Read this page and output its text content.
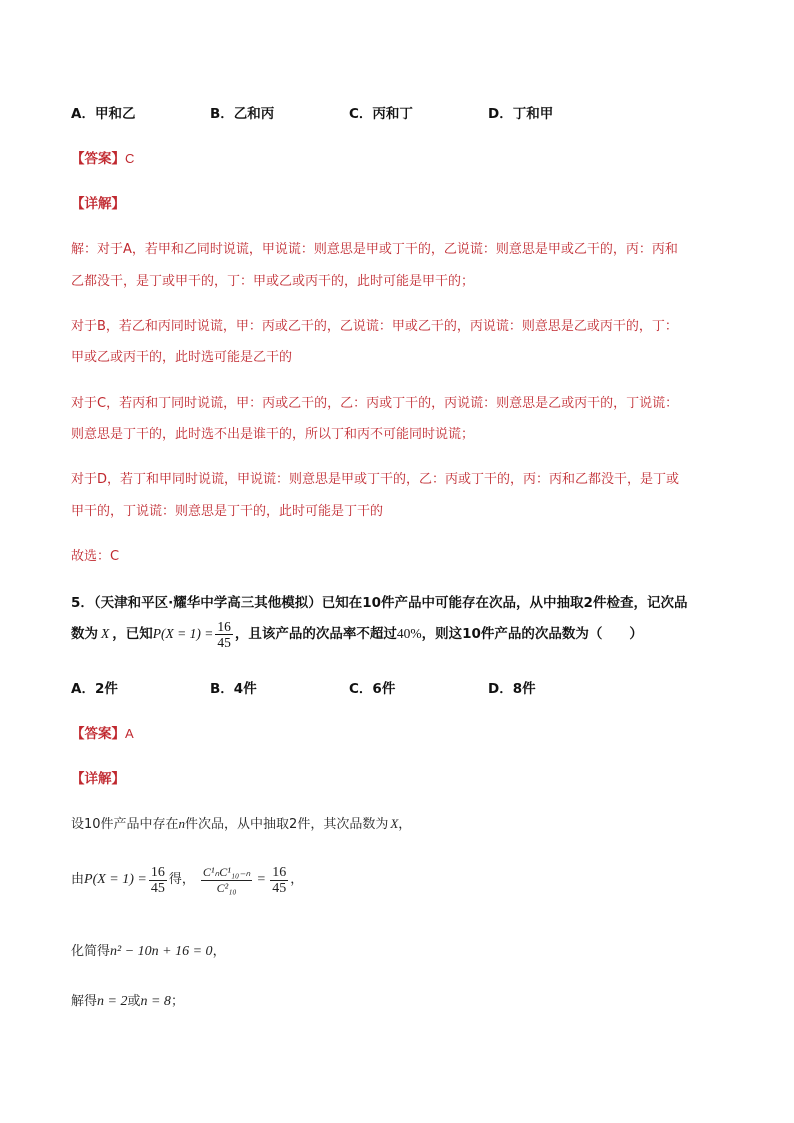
A．甲和乙	B．乙和丙	C．丙和丁	D．丁和甲
【答案】C
【详解】
解：对于A，若甲和乙同时说谎，甲说谎：则意思是甲或丁干的，乙说谎：则意思是甲或乙干的，丙：丙和
乙都没干，是丁或甲干的，丁：甲或乙或丙干的，此时可能是甲干的；
对于B，若乙和丙同时说谎，甲：丙或乙干的，乙说谎：甲或乙干的，丙说谎：则意思是乙或丙干的，丁：
甲或乙或丙干的，此时选可能是乙干的
对于C，若丙和丁同时说谎，甲：丙或乙干的，乙：丙或丁干的，丙说谎：则意思是乙或丙干的，丁说谎：
则意思是丁干的，此时选不出是谁干的，所以丁和丙不可能同时说谎；
对于D，若丁和甲同时说谎，甲说谎：则意思是甲或丁干的，乙：丙或丁干的，丙：丙和乙都没干，是丁或
甲干的，丁说谎：则意思是丁干的，此时可能是丁干的
故选：C
5．（天津和平区·耀华中学高三其他模拟）已知在10件产品中可能存在次品，从中抽取2件检查，记次品
数为 X ，已知$P(X = 1) = \frac{16}{45}$ ，且该产品的次品率不超过40%，则这10件产品的次品数为（　　）
A．2件	B．4件	C．6件	D．8件
【答案】A
【详解】
设10件产品中存在n件次品，从中抽取2件，其次品数为 X，
由$P(X = 1) = \frac{16}{45}$ 得， $\frac{\text{C¹ₙC¹₁₀₋ₙ}}{\text{C²₁₀}} = \frac{16}{45}$ ，
化简得n² − 10n + 16 = 0，
解得n = 2或n = 8；
